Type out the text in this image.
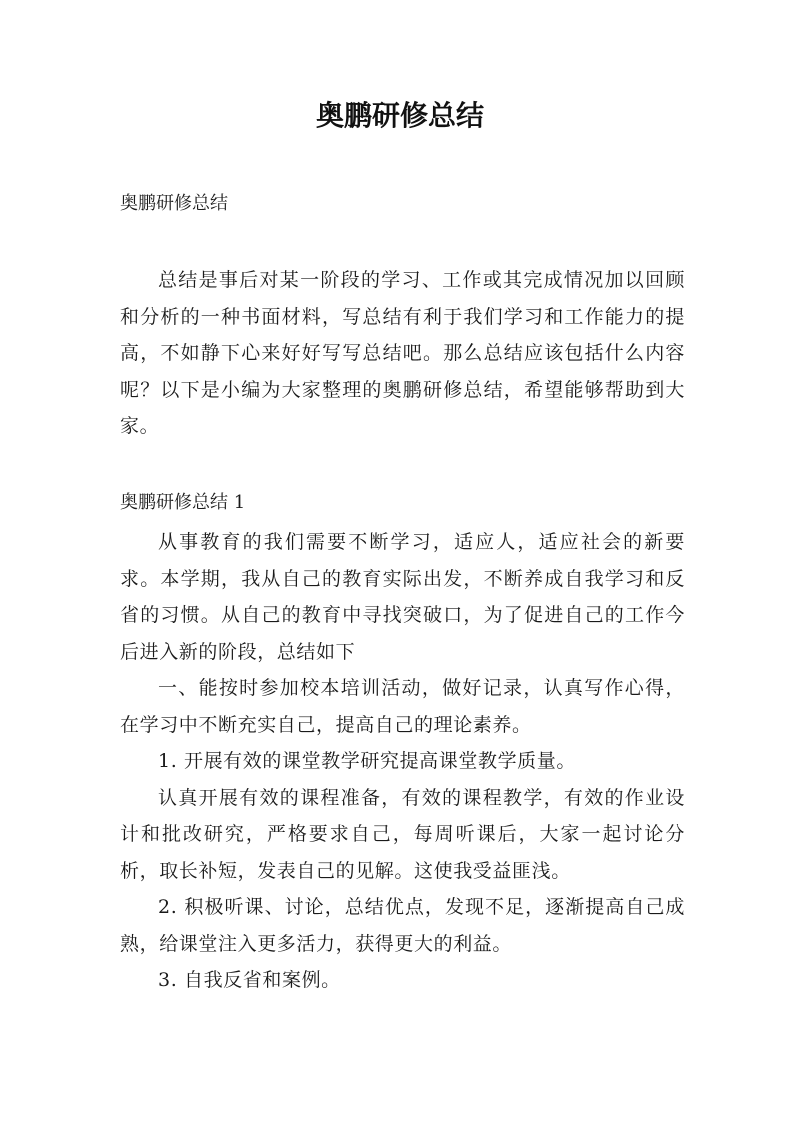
奥鹏研修总结
奥鹏研修总结

总结是事后对某一阶段的学习、工作或其完成情况加以回顾和分析的一种书面材料，写总结有利于我们学习和工作能力的提高，不如静下心来好好写写总结吧。那么总结应该包括什么内容呢？以下是小编为大家整理的奥鹏研修总结，希望能够帮助到大家。

奥鹏研修总结 1

从事教育的我们需要不断学习，适应人，适应社会的新要求。本学期，我从自己的教育实际出发，不断养成自我学习和反省的习惯。从自己的教育中寻找突破口，为了促进自己的工作今后进入新的阶段，总结如下

一、能按时参加校本培训活动，做好记录，认真写作心得，在学习中不断充实自己，提高自己的理论素养。

1. 开展有效的课堂教学研究提高课堂教学质量。

认真开展有效的课程准备，有效的课程教学，有效的作业设计和批改研究，严格要求自己，每周听课后，大家一起讨论分析，取长补短，发表自己的见解。这使我受益匪浅。

2. 积极听课、讨论，总结优点，发现不足，逐渐提高自己成熟，给课堂注入更多活力，获得更大的利益。

3. 自我反省和案例。
